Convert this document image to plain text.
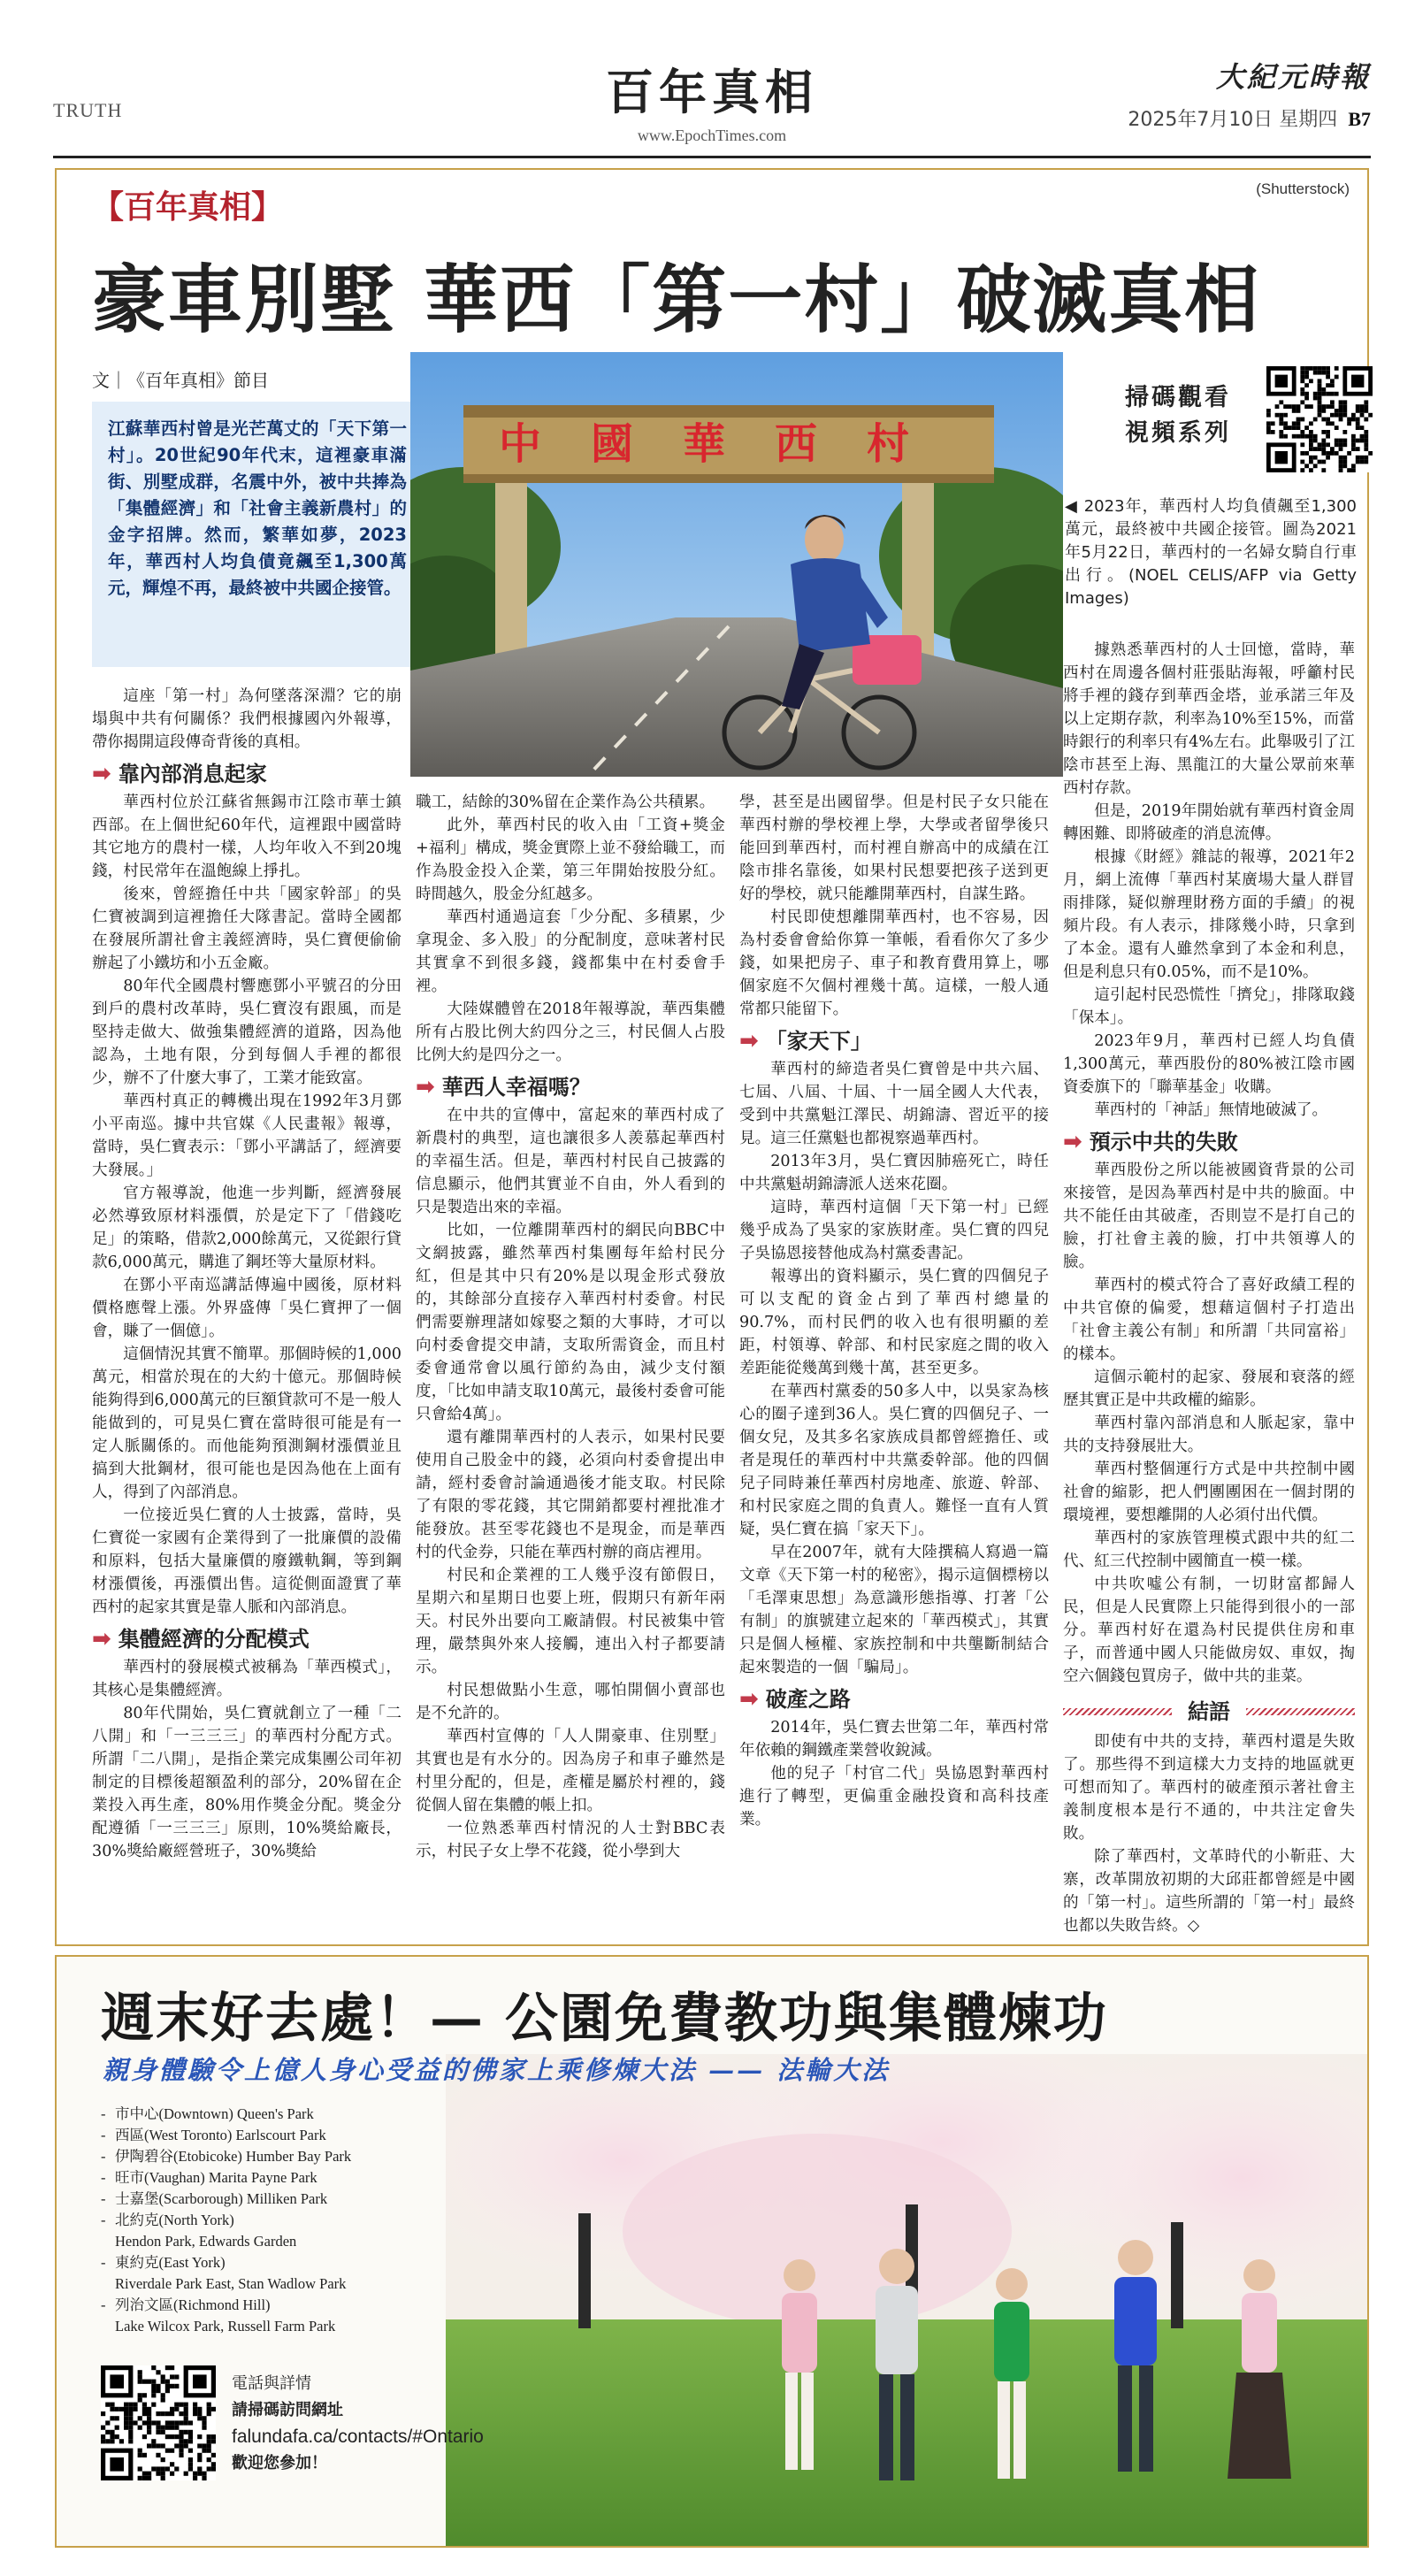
TRUTH	百年真相
www.EpochTimes.com
大紀元時報
2025年7月10日 星期四 B7
【百年真相】
(Shutterstock)
豪車別墅 華西「第一村」破滅真相
文｜《百年真相》節目

江蘇華西村曾是光芒萬丈的「天下第一村」。20世紀90年代末，這裡豪車滿街、別墅成群，名震中外，被中共捧為「集體經濟」和「社會主義新農村」的金字招牌。然而，繁華如夢，2023年，華西村人均負債竟飆至1,300萬元，輝煌不再，最終被中共國企接管。

中 國 華 西 村
掃碼觀看
視頻系列
◀ 2023年，華西村人均負債飆至1,300萬元，最終被中共國企接管。圖為2021年5月22日，華西村的一名婦女騎自行車出行。(NOEL CELIS/AFP via Getty Images)

這座「第一村」為何墜落深淵？它的崩塌與中共有何關係？我們根據國內外報導，帶你揭開這段傳奇背後的真相。

➡ 靠內部消息起家

華西村位於江蘇省無錫市江陰市華士鎮西部。在上個世紀60年代，這裡跟中國當時其它地方的農村一樣，人均年收入不到20塊錢，村民常年在溫飽線上掙扎。

後來，曾經擔任中共「國家幹部」的吳仁寶被調到這裡擔任大隊書記。當時全國都在發展所謂社會主義經濟時，吳仁寶便偷偷辦起了小鐵坊和小五金廠。

80年代全國農村響應鄧小平號召的分田到戶的農村改革時，吳仁寶沒有跟風，而是堅持走做大、做強集體經濟的道路，因為他認為，土地有限，分到每個人手裡的都很少，辦不了什麼大事了，工業才能致富。

華西村真正的轉機出現在1992年3月鄧小平南巡。據中共官媒《人民畫報》報導，當時，吳仁寶表示：「鄧小平講話了，經濟要大發展。」

官方報導說，他進一步判斷，經濟發展必然導致原材料漲價，於是定下了「借錢吃足」的策略，借款2,000餘萬元，又從銀行貸款6,000萬元，購進了鋼坯等大量原材料。

在鄧小平南巡講話傳遍中國後，原材料價格應聲上漲。外界盛傳「吳仁寶押了一個會，賺了一個億」。

這個情況其實不簡單。那個時候的1,000萬元，相當於現在的大約十億元。那個時候能夠得到6,000萬元的巨額貸款可不是一般人能做到的，可見吳仁寶在當時很可能是有一定人脈關係的。而他能夠預測鋼材漲價並且搞到大批鋼材，很可能也是因為他在上面有人，得到了內部消息。

一位接近吳仁寶的人士披露，當時，吳仁寶從一家國有企業得到了一批廉價的設備和原料，包括大量廉價的廢鐵軌鋼，等到鋼材漲價後，再漲價出售。這從側面證實了華西村的起家其實是靠人脈和內部消息。

➡ 集體經濟的分配模式

華西村的發展模式被稱為「華西模式」，其核心是集體經濟。

80年代開始，吳仁寶就創立了一種「二八開」和「一三三三」的華西村分配方式。所謂「二八開」，是指企業完成集團公司年初制定的目標後超額盈利的部分，20%留在企業投入再生產，80%用作獎金分配。獎金分配遵循「一三三三」原則，10%獎給廠長，30%獎給廠經營班子，30%獎給

職工，結餘的30%留在企業作為公共積累。

此外，華西村民的收入由「工資+獎金+福利」構成，獎金實際上並不發給職工，而作為股金投入企業，第三年開始按股分紅。時間越久，股金分紅越多。

華西村通過這套「少分配、多積累，少拿現金、多入股」的分配制度，意味著村民其實拿不到很多錢，錢都集中在村委會手裡。

大陸媒體曾在2018年報導說，華西集體所有占股比例大約四分之三，村民個人占股比例大約是四分之一。

➡ 華西人幸福嗎？

在中共的宣傳中，富起來的華西村成了新農村的典型，這也讓很多人羨慕起華西村的幸福生活。但是，華西村村民自己披露的信息顯示，他們其實並不自由，外人看到的只是製造出來的幸福。

比如，一位離開華西村的網民向BBC中文網披露，雖然華西村集團每年給村民分紅，但是其中只有20%是以現金形式發放的，其餘部分直接存入華西村村委會。村民們需要辦理諸如嫁娶之類的大事時，才可以向村委會提交申請，支取所需資金，而且村委會通常會以風行節約為由，減少支付額度，「比如申請支取10萬元，最後村委會可能只會給4萬」。

還有離開華西村的人表示，如果村民要使用自己股金中的錢，必須向村委會提出申請，經村委會討論通過後才能支取。村民除了有限的零花錢，其它開銷都要村裡批准才能發放。甚至零花錢也不是現金，而是華西村的代金券，只能在華西村辦的商店裡用。

村民和企業裡的工人幾乎沒有節假日，星期六和星期日也要上班，假期只有新年兩天。村民外出要向工廠請假。村民被集中管理，嚴禁與外來人接觸，連出入村子都要請示。

村民想做點小生意，哪怕開個小賣部也是不允許的。

華西村宣傳的「人人開豪車、住別墅」其實也是有水分的。因為房子和車子雖然是村里分配的，但是，產權是屬於村裡的，錢從個人留在集體的帳上扣。

一位熟悉華西村情況的人士對BBC表示，村民子女上學不花錢，從小學到大

學，甚至是出國留學。但是村民子女只能在華西村辦的學校裡上學，大學或者留學後只能回到華西村，而村裡自辦高中的成績在江陰市排名靠後，如果村民想要把孩子送到更好的學校，就只能離開華西村，自謀生路。

村民即使想離開華西村，也不容易，因為村委會會給你算一筆帳，看看你欠了多少錢，如果把房子、車子和教育費用算上，哪個家庭不欠個村裡幾十萬。這樣，一般人通常都只能留下。

➡ 「家天下」

華西村的締造者吳仁寶曾是中共六屆、七屆、八屆、十屆、十一屆全國人大代表，受到中共黨魁江澤民、胡錦濤、習近平的接見。這三任黨魁也都視察過華西村。

2013年3月，吳仁寶因肺癌死亡，時任中共黨魁胡錦濤派人送來花圈。

這時，華西村這個「天下第一村」已經幾乎成為了吳家的家族財產。吳仁寶的四兒子吳協恩接替他成為村黨委書記。

報導出的資料顯示，吳仁寶的四個兒子可以支配的資金占到了華西村總量的90.7%，而村民們的收入也有很明顯的差距，村領導、幹部、和村民家庭之間的收入差距能從幾萬到幾十萬，甚至更多。

在華西村黨委的50多人中，以吳家為核心的圈子達到36人。吳仁寶的四個兒子、一個女兒，及其多名家族成員都曾經擔任、或者是現任的華西村中共黨委幹部。他的四個兒子同時兼任華西村房地產、旅遊、幹部、和村民家庭之間的負責人。難怪一直有人質疑，吳仁寶在搞「家天下」。

早在2007年，就有大陸撰稿人寫過一篇文章《天下第一村的秘密》，揭示這個標榜以「毛澤東思想」為意識形態指導、打著「公有制」的旗號建立起來的「華西模式」，其實只是個人極權、家族控制和中共壟斷制結合起來製造的一個「騙局」。

➡ 破產之路

2014年，吳仁寶去世第二年，華西村常年依賴的鋼鐵產業營收銳減。

他的兒子「村官二代」吳協恩對華西村進行了轉型，更偏重金融投資和高科技產業。

據熟悉華西村的人士回憶，當時，華西村在周邊各個村莊張貼海報，呼籲村民將手裡的錢存到華西金塔，並承諾三年及以上定期存款，利率為10%至15%，而當時銀行的利率只有4%左右。此舉吸引了江陰市甚至上海、黑龍江的大量公眾前來華西村存款。

但是，2019年開始就有華西村資金周轉困難、即將破產的消息流傳。

根據《財經》雜誌的報導，2021年2月，網上流傳「華西村某廣場大量人群冒雨排隊，疑似辦理財務方面的手續」的視頻片段。有人表示，排隊幾小時，只拿到了本金。還有人雖然拿到了本金和利息，但是利息只有0.05%，而不是10%。

這引起村民恐慌性「擠兌」，排隊取錢「保本」。

2023年9月，華西村已經人均負債1,300萬元，華西股份的80%被江陰市國資委旗下的「聯華基金」收購。

華西村的「神話」無情地破滅了。

➡ 預示中共的失敗

華西股份之所以能被國資背景的公司來接管，是因為華西村是中共的臉面。中共不能任由其破產，否則豈不是打自己的臉，打社會主義的臉，打中共領導人的臉。

華西村的模式符合了喜好政績工程的中共官僚的偏愛，想藉這個村子打造出「社會主義公有制」和所謂「共同富裕」的樣本。

這個示範村的起家、發展和衰落的經歷其實正是中共政權的縮影。

華西村靠內部消息和人脈起家，靠中共的支持發展壯大。

華西村整個運行方式是中共控制中國社會的縮影，把人們團團困在一個封閉的環境裡，要想離開的人必須付出代價。

華西村的家族管理模式跟中共的紅二代、紅三代控制中國簡直一模一樣。

中共吹噓公有制，一切財富都歸人民，但是人民實際上只能得到很小的一部分。華西村好在還為村民提供住房和車子，而普通中國人只能做房奴、車奴，掏空六個錢包買房子，做中共的韭菜。

結語

即使有中共的支持，華西村還是失敗了。那些得不到這樣大力支持的地區就更可想而知了。華西村的破產預示著社會主義制度根本是行不通的，中共注定會失敗。

除了華西村，文革時代的小靳莊、大寨，改革開放初期的大邱莊都曾經是中國的「第一村」。這些所謂的「第一村」最終也都以失敗告終。◇

週末好去處！— 公園免費教功與集體煉功
親身體驗令上億人身心受益的佛家上乘修煉大法 —— 法輪大法
- 市中心(Downtown) Queen's Park
- 西區(West Toronto) Earlscourt Park
- 伊陶碧谷(Etobicoke) Humber Bay Park
- 旺市(Vaughan) Marita Payne Park
- 士嘉堡(Scarborough) Milliken Park
- 北約克(North York)
Hendon Park, Edwards Garden
- 東約克(East York)
Riverdale Park East, Stan Wadlow Park
- 列治文區(Richmond Hill)
Lake Wilcox Park, Russell Farm Park
電話與詳情
請掃碼訪問網址
falundafa.ca/contacts/#Ontario
歡迎您參加！
